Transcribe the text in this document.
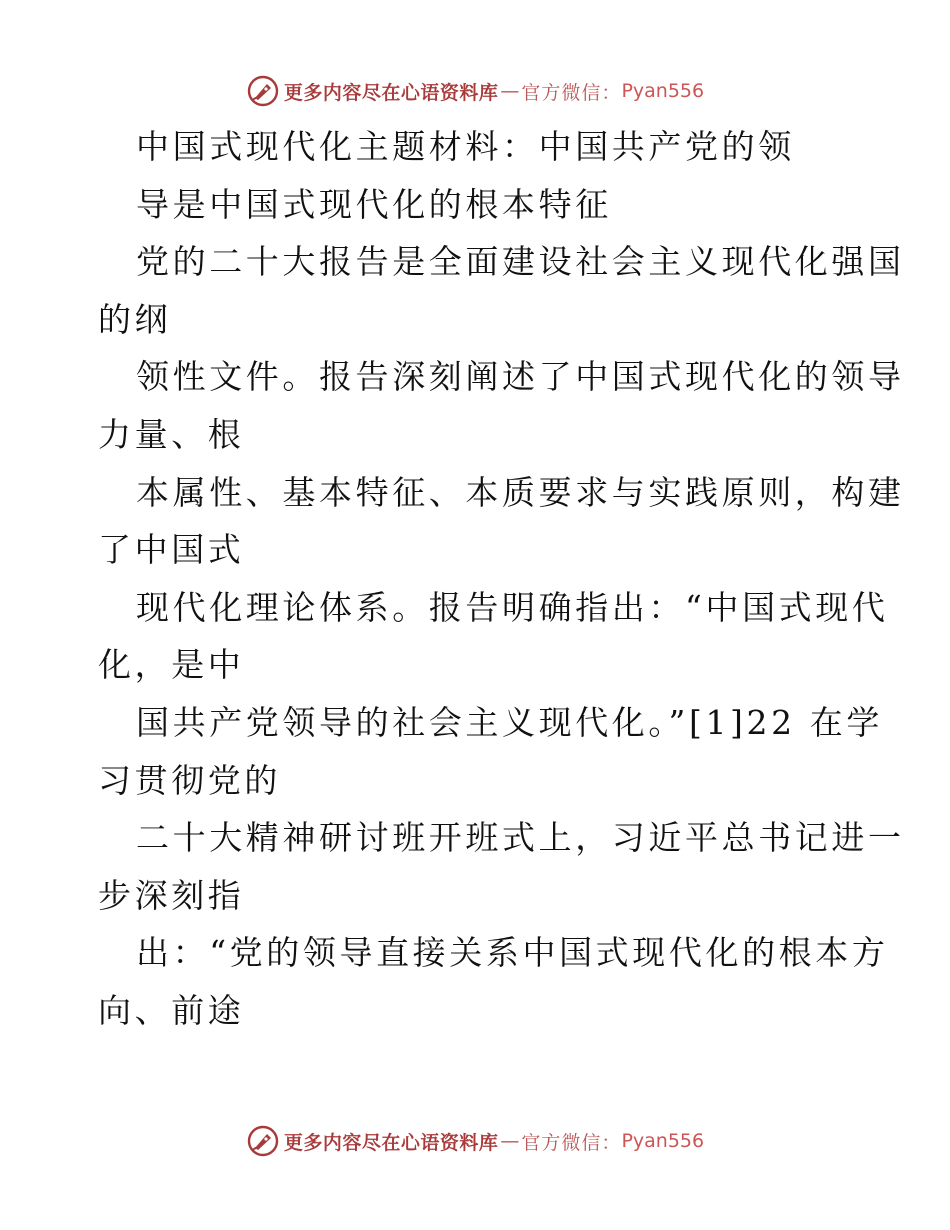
更多内容尽在心语资料库 — 官方微信： Pyan556
中国式现代化主题材料：中国共产党的领
导是中国式现代化的根本特征
党的二十大报告是全面建设社会主义现代化强国
的纲
领性文件。报告深刻阐述了中国式现代化的领导
力量、根
本属性、基本特征、本质要求与实践原则，构建
了中国式
现代化理论体系。报告明确指出：“中国式现代
化，是中
国共产党领导的社会主义现代化。”[1]22 在学
习贯彻党的
二十大精神研讨班开班式上，习近平总书记进一
步深刻指
出：“党的领导直接关系中国式现代化的根本方
向、前途
更多内容尽在心语资料库 — 官方微信： Pyan556
